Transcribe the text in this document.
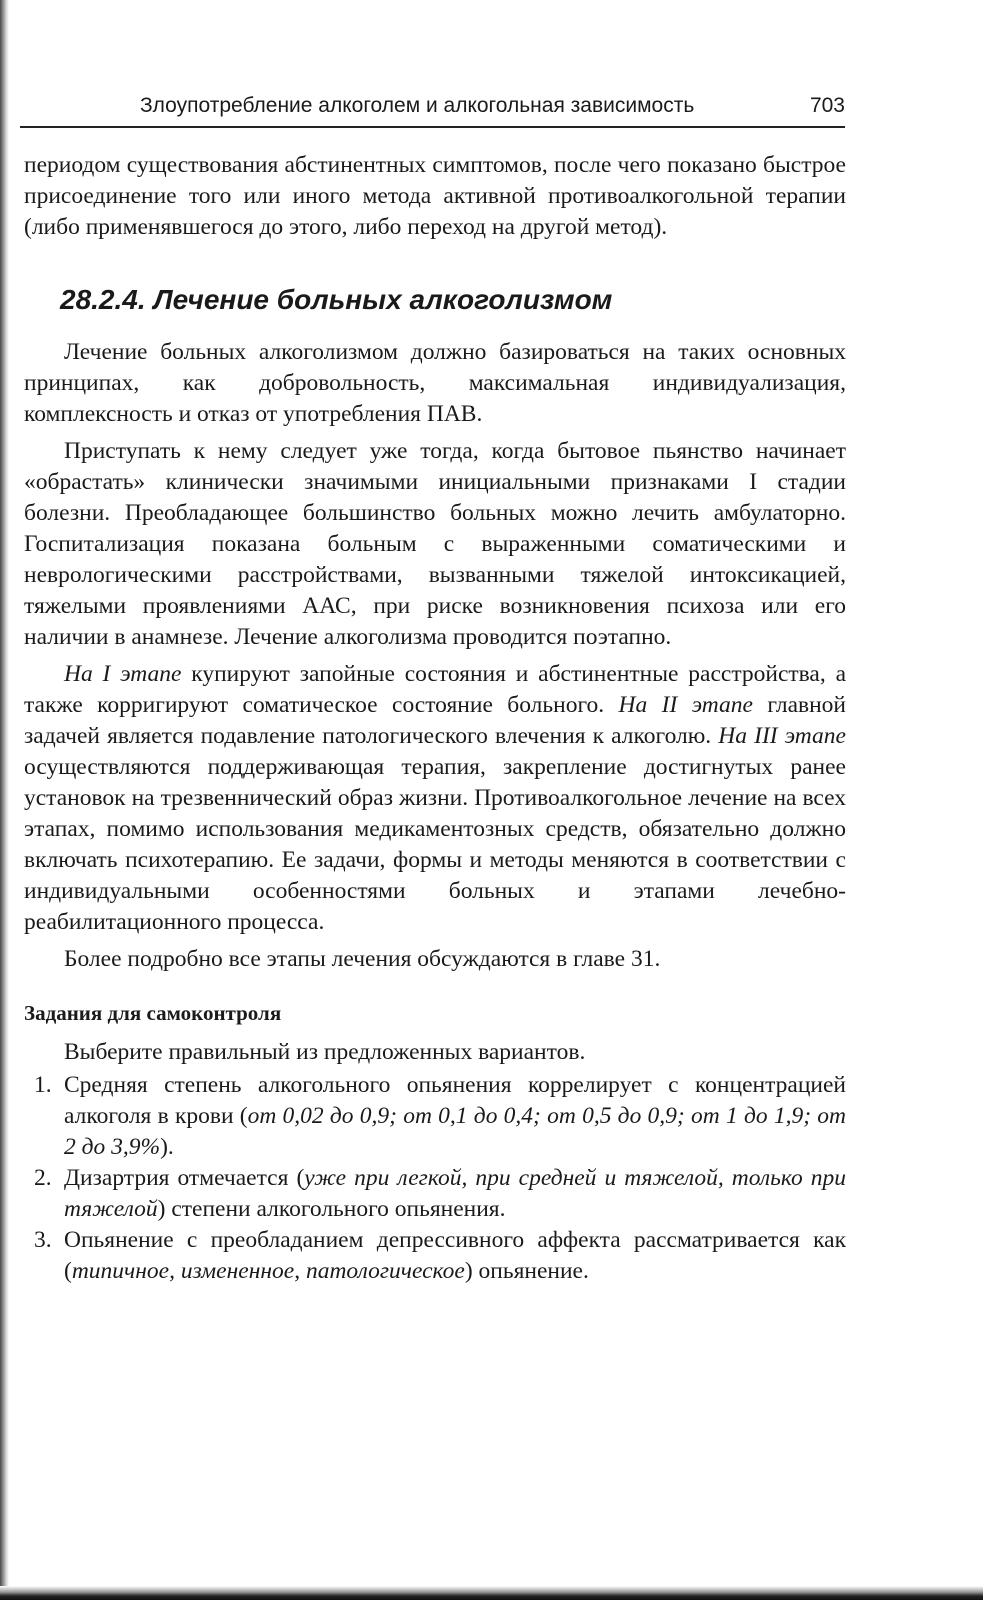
Злоупотребление алкоголем и алкогольная зависимость	703

периодом существования абстинентных симптомов, после чего показано быстрое присоединение того или иного метода активной противоалкогольной терапии (либо применявшегося до этого, либо переход на другой метод).

28.2.4. Лечение больных алкоголизмом

Лечение больных алкоголизмом должно базироваться на таких основных принципах, как добровольность, максимальная индивидуализация, комплексность и отказ от употребления ПАВ.

Приступать к нему следует уже тогда, когда бытовое пьянство начинает «обрастать» клинически значимыми инициальными признаками I стадии болезни. Преобладающее большинство больных можно лечить амбулаторно. Госпитализация показана больным с выраженными соматическими и неврологическими расстройствами, вызванными тяжелой интоксикацией, тяжелыми проявлениями ААС, при риске возникновения психоза или его наличии в анамнезе. Лечение алкоголизма проводится поэтапно.

На I этапе купируют запойные состояния и абстинентные расстройства, а также корригируют соматическое состояние больного. На II этапе главной задачей является подавление патологического влечения к алкоголю. На III этапе осуществляются поддерживающая терапия, закрепление достигнутых ранее установок на трезвеннический образ жизни. Противоалкогольное лечение на всех этапах, помимо использования медикаментозных средств, обязательно должно включать психотерапию. Ее задачи, формы и методы меняются в соответствии с индивидуальными особенностями больных и этапами лечебно-реабилитационного процесса.

Более подробно все этапы лечения обсуждаются в главе 31.

Задания для самоконтроля

Выберите правильный из предложенных вариантов.

1. Средняя степень алкогольного опьянения коррелирует с концентрацией алкоголя в крови (от 0,02 до 0,9; от 0,1 до 0,4; от 0,5 до 0,9; от 1 до 1,9; от 2 до 3,9%).
2. Дизартрия отмечается (уже при легкой, при средней и тяжелой, только при тяжелой) степени алкогольного опьянения.
3. Опьянение с преобладанием депрессивного аффекта рассматривается как (типичное, измененное, патологическое) опьянение.
